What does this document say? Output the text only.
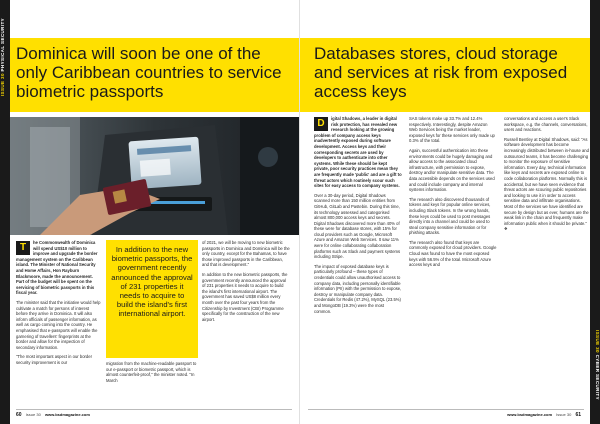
ISSUE 30 PHYSICAL SECURITY Dominica will soon be one of the only Caribbean countries to service biometric passports

T	he Commonwealth of Dominica will spend US$10 million to improve and upgrade the border management system on the Caribbean island. The Minister of National Security and Home Affairs, Hon Rayburn Blackmoore, made the announcement. Part of the budget will be spent on the servicing of biometric passports in this fiscal year.

The minister said that the initiative would help cultivate a match for persons of interest before they arrive in Dominica. It will also inform officials of passenger information, as well as cargo coming into the country. He emphasised that e-passports will enable the garnering of travellers' fingerprints at the border and allow for the inspection of secondary information.

"The most important aspect in our border security improvement is our

In addition to the new biometric passports, the government recently announced the approval of 231 properties it needs to acquire to build the island's first international airport.

migration from the machine-readable passport to our e-passport or biometric passport, which is almost counterfeit-proof," the minister noted. "In March

of 2021, we will be moving to new biometric passports in Dominica and Dominica will be the only country, except for the Bahamas, to have those improved passports in the Caribbean, and that is development."

In addition to the new biometric passports, the government recently announced the approval of 231 properties it needs to acquire to build the island's first international airport. The government has saved US$8 million every month over the past four years from the Citizenship by Investment (CBI) Programme specifically for the construction of the new airport.

60 Issue 30 www.bsdmagazine.com
ISSUE 30 CYBER SECURITY
Databases stores, cloud storage and services at risk from exposed access keys

D	igital Shadows, a leader in digital risk protection, has revealed new research looking at the growing problem of company access keys inadvertently exposed during software development. Access keys and their corresponding secrets are used by developers to authenticate into other systems. While these should be kept private, poor security practices mean they are frequently made 'public' and are a gift to threat actors which routinely scour such sites for easy access to company systems.

Over a 30-day period, Digital Shadows scanned more than 150 million entities from GitHub, GitLab and Pastebin. During this time, its technology assessed and categorised almost 800,000 access keys and secrets. Digital Shadows discovered more than 40% of these were for database stores, with 15% for cloud providers such as Google, Microsoft Azure and Amazon Web Services. It saw 11% were for online collaborating collaboration platforms such as Slack and payment systems including Stripe.

The impact of exposed database keys is particularly profound – these types of credentials could allow unauthorised access to company data, including personally identifiable information (PII) with the permission to expose, destroy or manipulate company data. Credentials for Redis (47.2%), MySQL (23.5%) and MongoDB (19.3%) were the most common.

SAS tokens make up 33.7% and 12.4% respectively. Interestingly, despite Amazon Web Services being the market leader, exposed keys for these services only made up 0.3% of the total.

Again, successful authentication into these environments could be hugely damaging and allow access to the associated cloud infrastructure, with permission to expose, destroy and/or manipulate sensitive data. The data accessible depends on the services used and could include company and internal systems information.

The research also discovered thousands of tokens and keys for popular online services, including Slack tokens. In the wrong hands, these keys could be used to post messages directly into a channel and could be used to steal company sensitive information or for phishing attacks.

The research also found that keys are commonly exposed for cloud providers. Google Cloud was found to have the most exposed keys with 56.5% of the total. Microsoft Azure access keys and

conversations and access a user's Slack workspace, e.g. the channels, conversations, users and reactions.

Russell Bentley at Digital Shadows, said: "As software development has become increasingly distributed between in-house and outsourced teams, it has become challenging to monitor the exposure of sensitive information. Every day, technical information like keys and secrets are exposed online to code collaboration platforms. Normally this is accidental, but we have seen evidence that threat actors are scouring public repositories and looking to use it in order to access sensitive data and infiltrate organisations. Most of the services we have identified are secure by design but as ever, humans are the weak link in the chain and frequently make information public when it should be private." ❖

www.bsdmagazine.com Issue 30 61
